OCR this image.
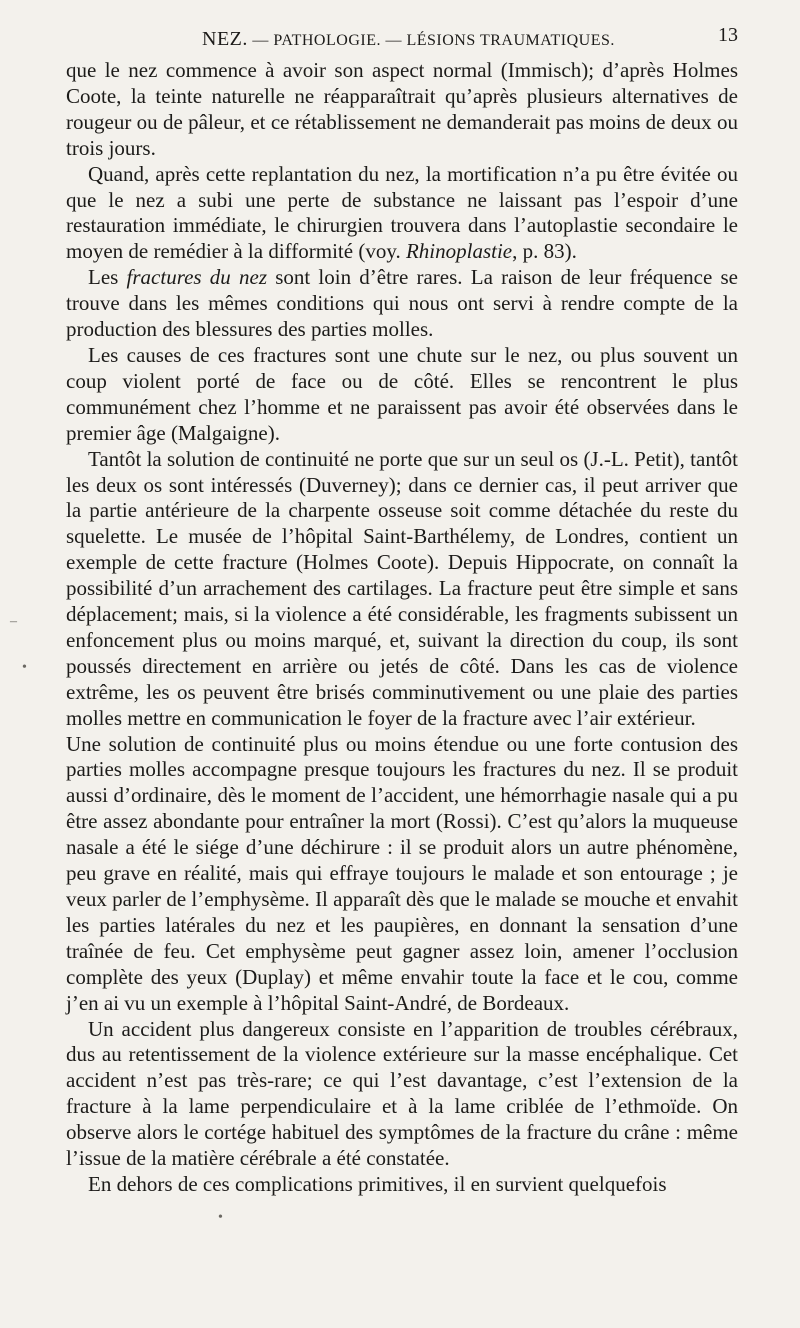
NEZ. — PATHOLOGIE. — LÉSIONS TRAUMATIQUES.	13

que le nez commence à avoir son aspect normal (Immisch); d’après Holmes Coote, la teinte naturelle ne réapparaîtrait qu’après plusieurs alternatives de rougeur ou de pâleur, et ce rétablissement ne demanderait pas moins de deux ou trois jours.

Quand, après cette replantation du nez, la mortification n’a pu être évitée ou que le nez a subi une perte de substance ne laissant pas l’espoir d’une restauration immédiate, le chirurgien trouvera dans l’autoplastie secondaire le moyen de remédier à la difformité (voy. Rhinoplastie, p. 83).

Les fractures du nez sont loin d’être rares. La raison de leur fréquence se trouve dans les mêmes conditions qui nous ont servi à rendre compte de la production des blessures des parties molles.

Les causes de ces fractures sont une chute sur le nez, ou plus souvent un coup violent porté de face ou de côté. Elles se rencontrent le plus communément chez l’homme et ne paraissent pas avoir été observées dans le premier âge (Malgaigne).

Tantôt la solution de continuité ne porte que sur un seul os (J.-L. Petit), tantôt les deux os sont intéressés (Duverney); dans ce dernier cas, il peut arriver que la partie antérieure de la charpente osseuse soit comme détachée du reste du squelette. Le musée de l’hôpital Saint-Barthélemy, de Londres, contient un exemple de cette fracture (Holmes Coote). Depuis Hippocrate, on connaît la possibilité d’un arrachement des cartilages. La fracture peut être simple et sans déplacement; mais, si la violence a été considérable, les fragments subissent un enfoncement plus ou moins marqué, et, suivant la direction du coup, ils sont poussés directement en arrière ou jetés de côté. Dans les cas de violence extrême, les os peuvent être brisés comminutivement ou une plaie des parties molles mettre en communication le foyer de la fracture avec l’air extérieur.

Une solution de continuité plus ou moins étendue ou une forte contusion des parties molles accompagne presque toujours les fractures du nez. Il se produit aussi d’ordinaire, dès le moment de l’accident, une hémorrhagie nasale qui a pu être assez abondante pour entraîner la mort (Rossi). C’est qu’alors la muqueuse nasale a été le siége d’une déchirure : il se produit alors un autre phénomène, peu grave en réalité, mais qui effraye toujours le malade et son entourage ; je veux parler de l’emphysème. Il apparaît dès que le malade se mouche et envahit les parties latérales du nez et les paupières, en donnant la sensation d’une traînée de feu. Cet emphysème peut gagner assez loin, amener l’occlusion complète des yeux (Duplay) et même envahir toute la face et le cou, comme j’en ai vu un exemple à l’hôpital Saint-André, de Bordeaux.

Un accident plus dangereux consiste en l’apparition de troubles cérébraux, dus au retentissement de la violence extérieure sur la masse encéphalique. Cet accident n’est pas très-rare; ce qui l’est davantage, c’est l’extension de la fracture à la lame perpendiculaire et à la lame criblée de l’ethmoïde. On observe alors le cortége habituel des symptômes de la fracture du crâne : même l’issue de la matière cérébrale a été constatée.

En dehors de ces complications primitives, il en survient quelquefois

–
•
•
